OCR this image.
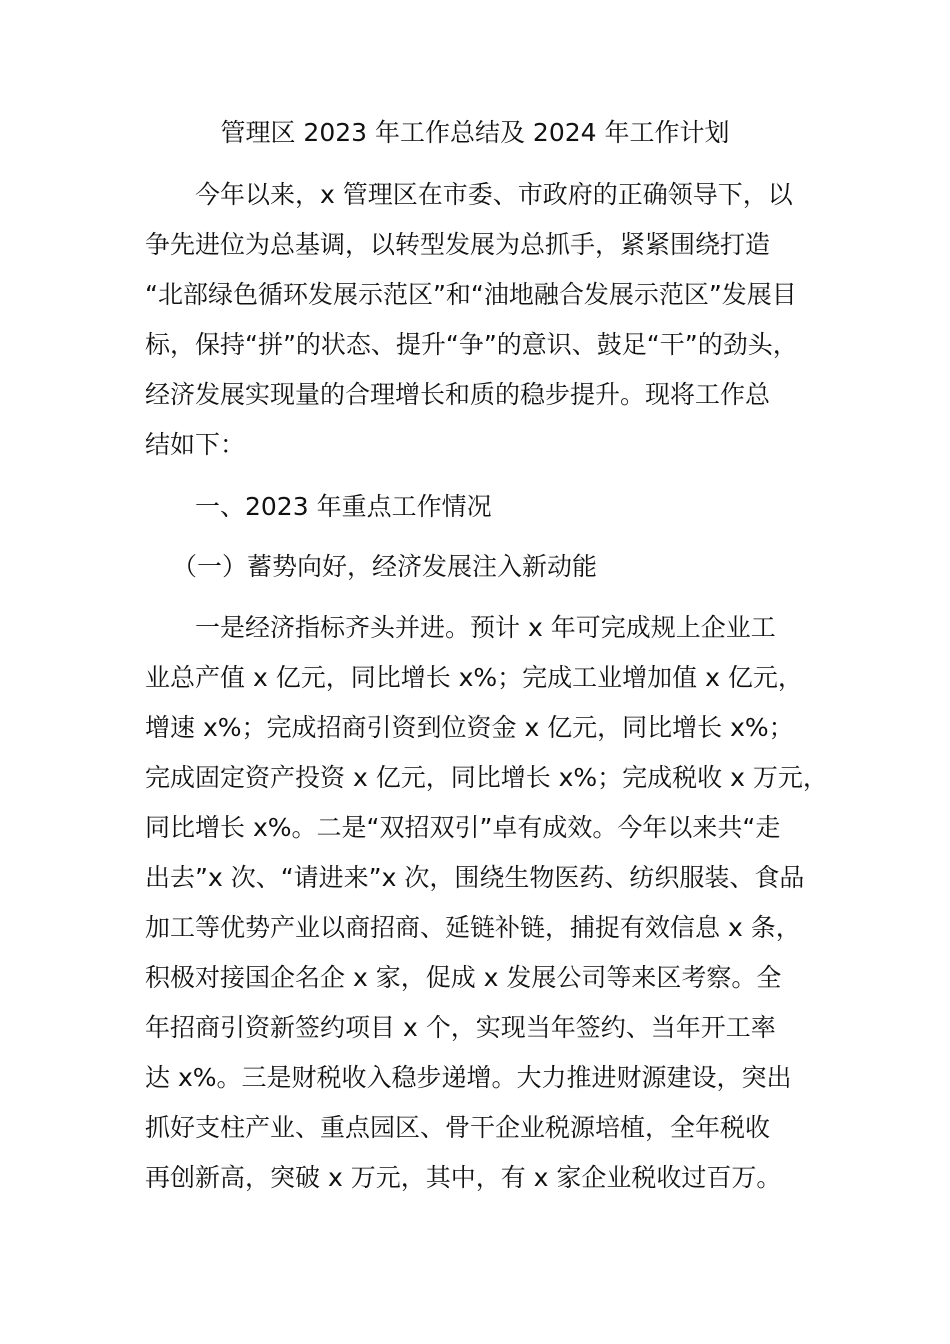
管理区 2023 年工作总结及 2024 年工作计划
今年以来，x 管理区在市委、市政府的正确领导下，以
争先进位为总基调，以转型发展为总抓手，紧紧围绕打造
“北部绿色循环发展示范区”和“油地融合发展示范区”发展目
标，保持“拼”的状态、提升“争”的意识、鼓足“干”的劲头，
经济发展实现量的合理增长和质的稳步提升。现将工作总
结如下：
一、2023 年重点工作情况
（一）蓄势向好，经济发展注入新动能
一是经济指标齐头并进。预计 x 年可完成规上企业工
业总产值 x 亿元，同比增长 x%；完成工业增加值 x 亿元，
增速 x%；完成招商引资到位资金 x 亿元，同比增长 x%；
完成固定资产投资 x 亿元，同比增长 x%；完成税收 x 万元，
同比增长 x%。二是“双招双引”卓有成效。今年以来共“走
出去”x 次、“请进来”x 次，围绕生物医药、纺织服装、食品
加工等优势产业以商招商、延链补链，捕捉有效信息 x 条，
积极对接国企名企 x 家，促成 x 发展公司等来区考察。全
年招商引资新签约项目 x 个，实现当年签约、当年开工率
达 x%。三是财税收入稳步递增。大力推进财源建设，突出
抓好支柱产业、重点园区、骨干企业税源培植，全年税收
再创新高，突破 x 万元，其中，有 x 家企业税收过百万。
